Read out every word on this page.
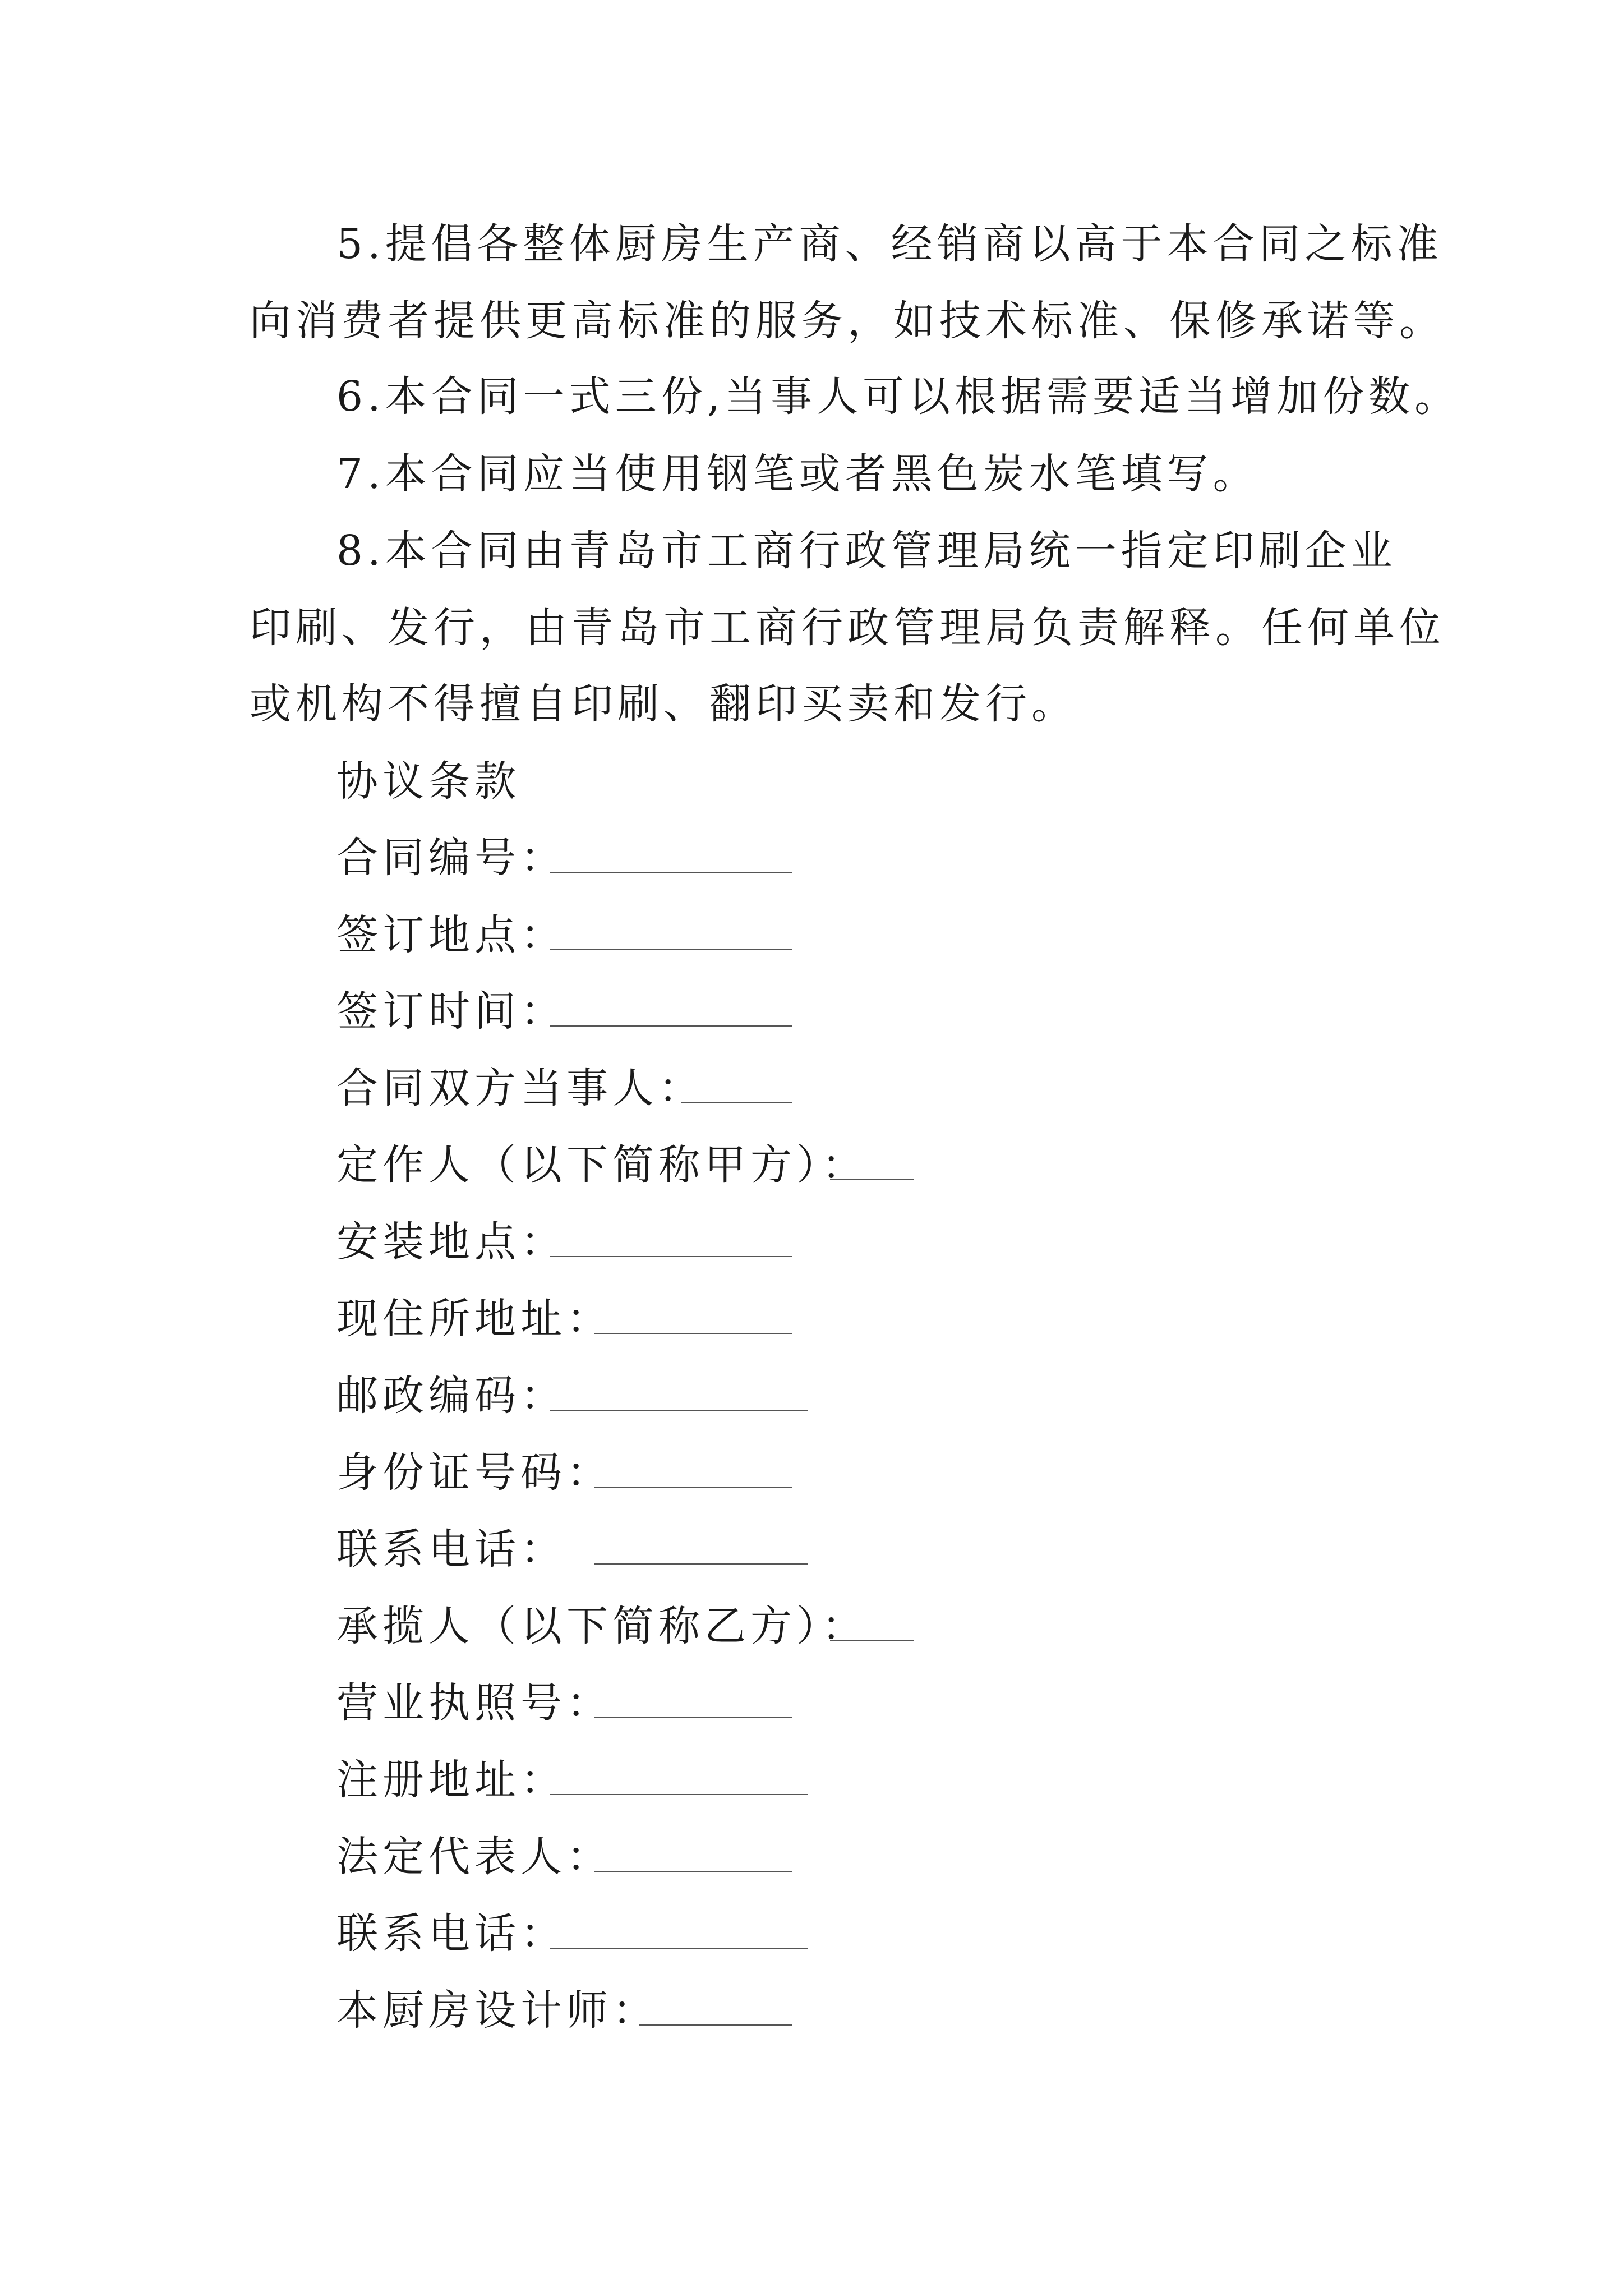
5.提倡各整体厨房生产商、经销商以高于本合同之标准
向消费者提供更高标准的服务，如技术标准、保修承诺等。
6.本合同一式三份,当事人可以根据需要适当增加份数。
7.本合同应当使用钢笔或者黑色炭水笔填写。
8.本合同由青岛市工商行政管理局统一指定印刷企业
印刷、发行，由青岛市工商行政管理局负责解释。任何单位
或机构不得擅自印刷、翻印买卖和发行。
协议条款
合同编号：
签订地点：
签订时间：
合同双方当事人：
定作人（以下简称甲方）：
安装地点：
现住所地址：
邮政编码：
身份证号码：
联系电话：
承揽人（以下简称乙方）：
营业执照号：
注册地址：
法定代表人：
联系电话：
本厨房设计师：
